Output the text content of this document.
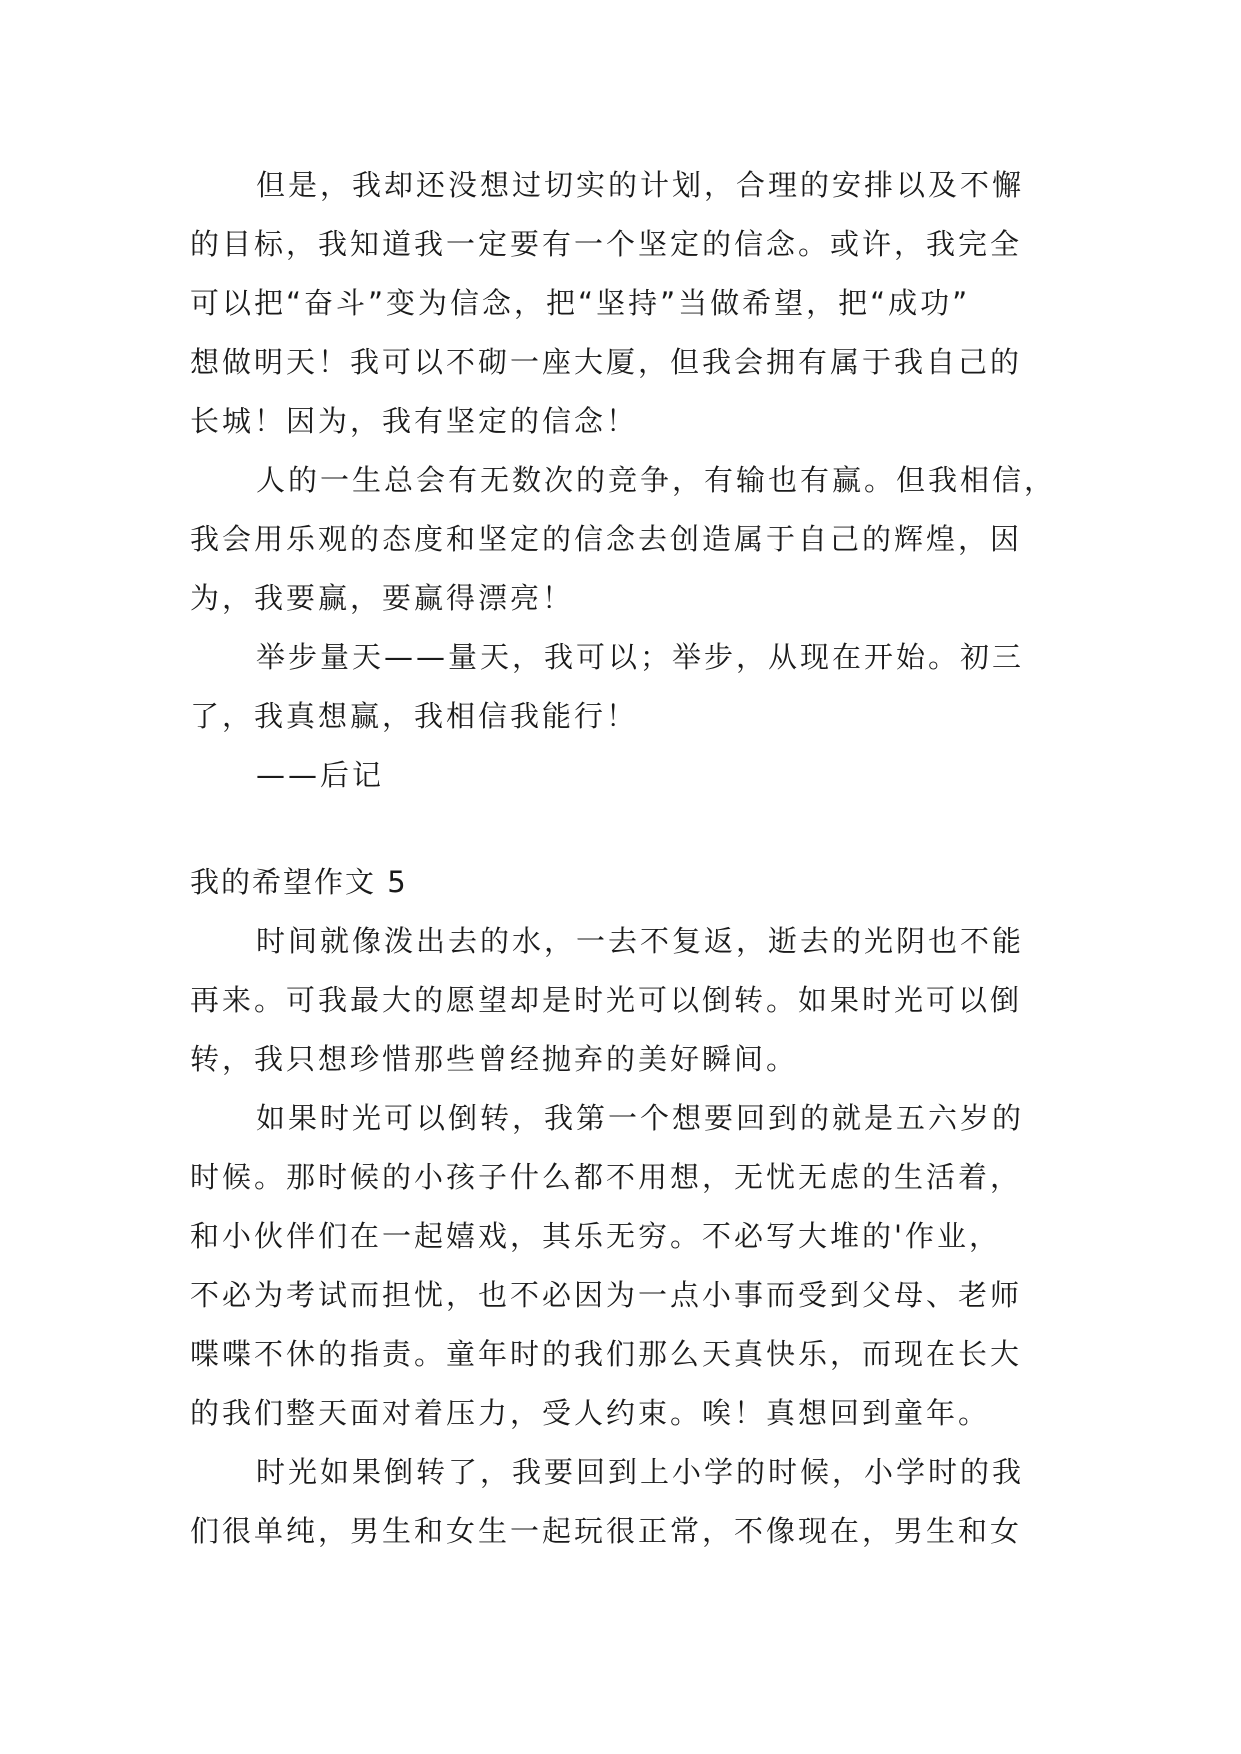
但是，我却还没想过切实的计划，合理的安排以及不懈

的目标，我知道我一定要有一个坚定的信念。或许，我完全

可以把“奋斗”变为信念，把“坚持”当做希望，把“成功”

想做明天！我可以不砌一座大厦，但我会拥有属于我自己的

长城！因为，我有坚定的信念！

人的一生总会有无数次的竞争，有输也有赢。但我相信，

我会用乐观的态度和坚定的信念去创造属于自己的辉煌，因

为，我要赢，要赢得漂亮！

举步量天——量天，我可以；举步，从现在开始。初三

了，我真想赢，我相信我能行！

——后记

我的希望作文 5

时间就像泼出去的水，一去不复返，逝去的光阴也不能

再来。可我最大的愿望却是时光可以倒转。如果时光可以倒

转，我只想珍惜那些曾经抛弃的美好瞬间。

如果时光可以倒转，我第一个想要回到的就是五六岁的

时候。那时候的小孩子什么都不用想，无忧无虑的生活着，

和小伙伴们在一起嬉戏，其乐无穷。不必写大堆的'作业，

不必为考试而担忧，也不必因为一点小事而受到父母、老师

喋喋不休的指责。童年时的我们那么天真快乐，而现在长大

的我们整天面对着压力，受人约束。唉！真想回到童年。

时光如果倒转了，我要回到上小学的时候，小学时的我

们很单纯，男生和女生一起玩很正常，不像现在，男生和女
